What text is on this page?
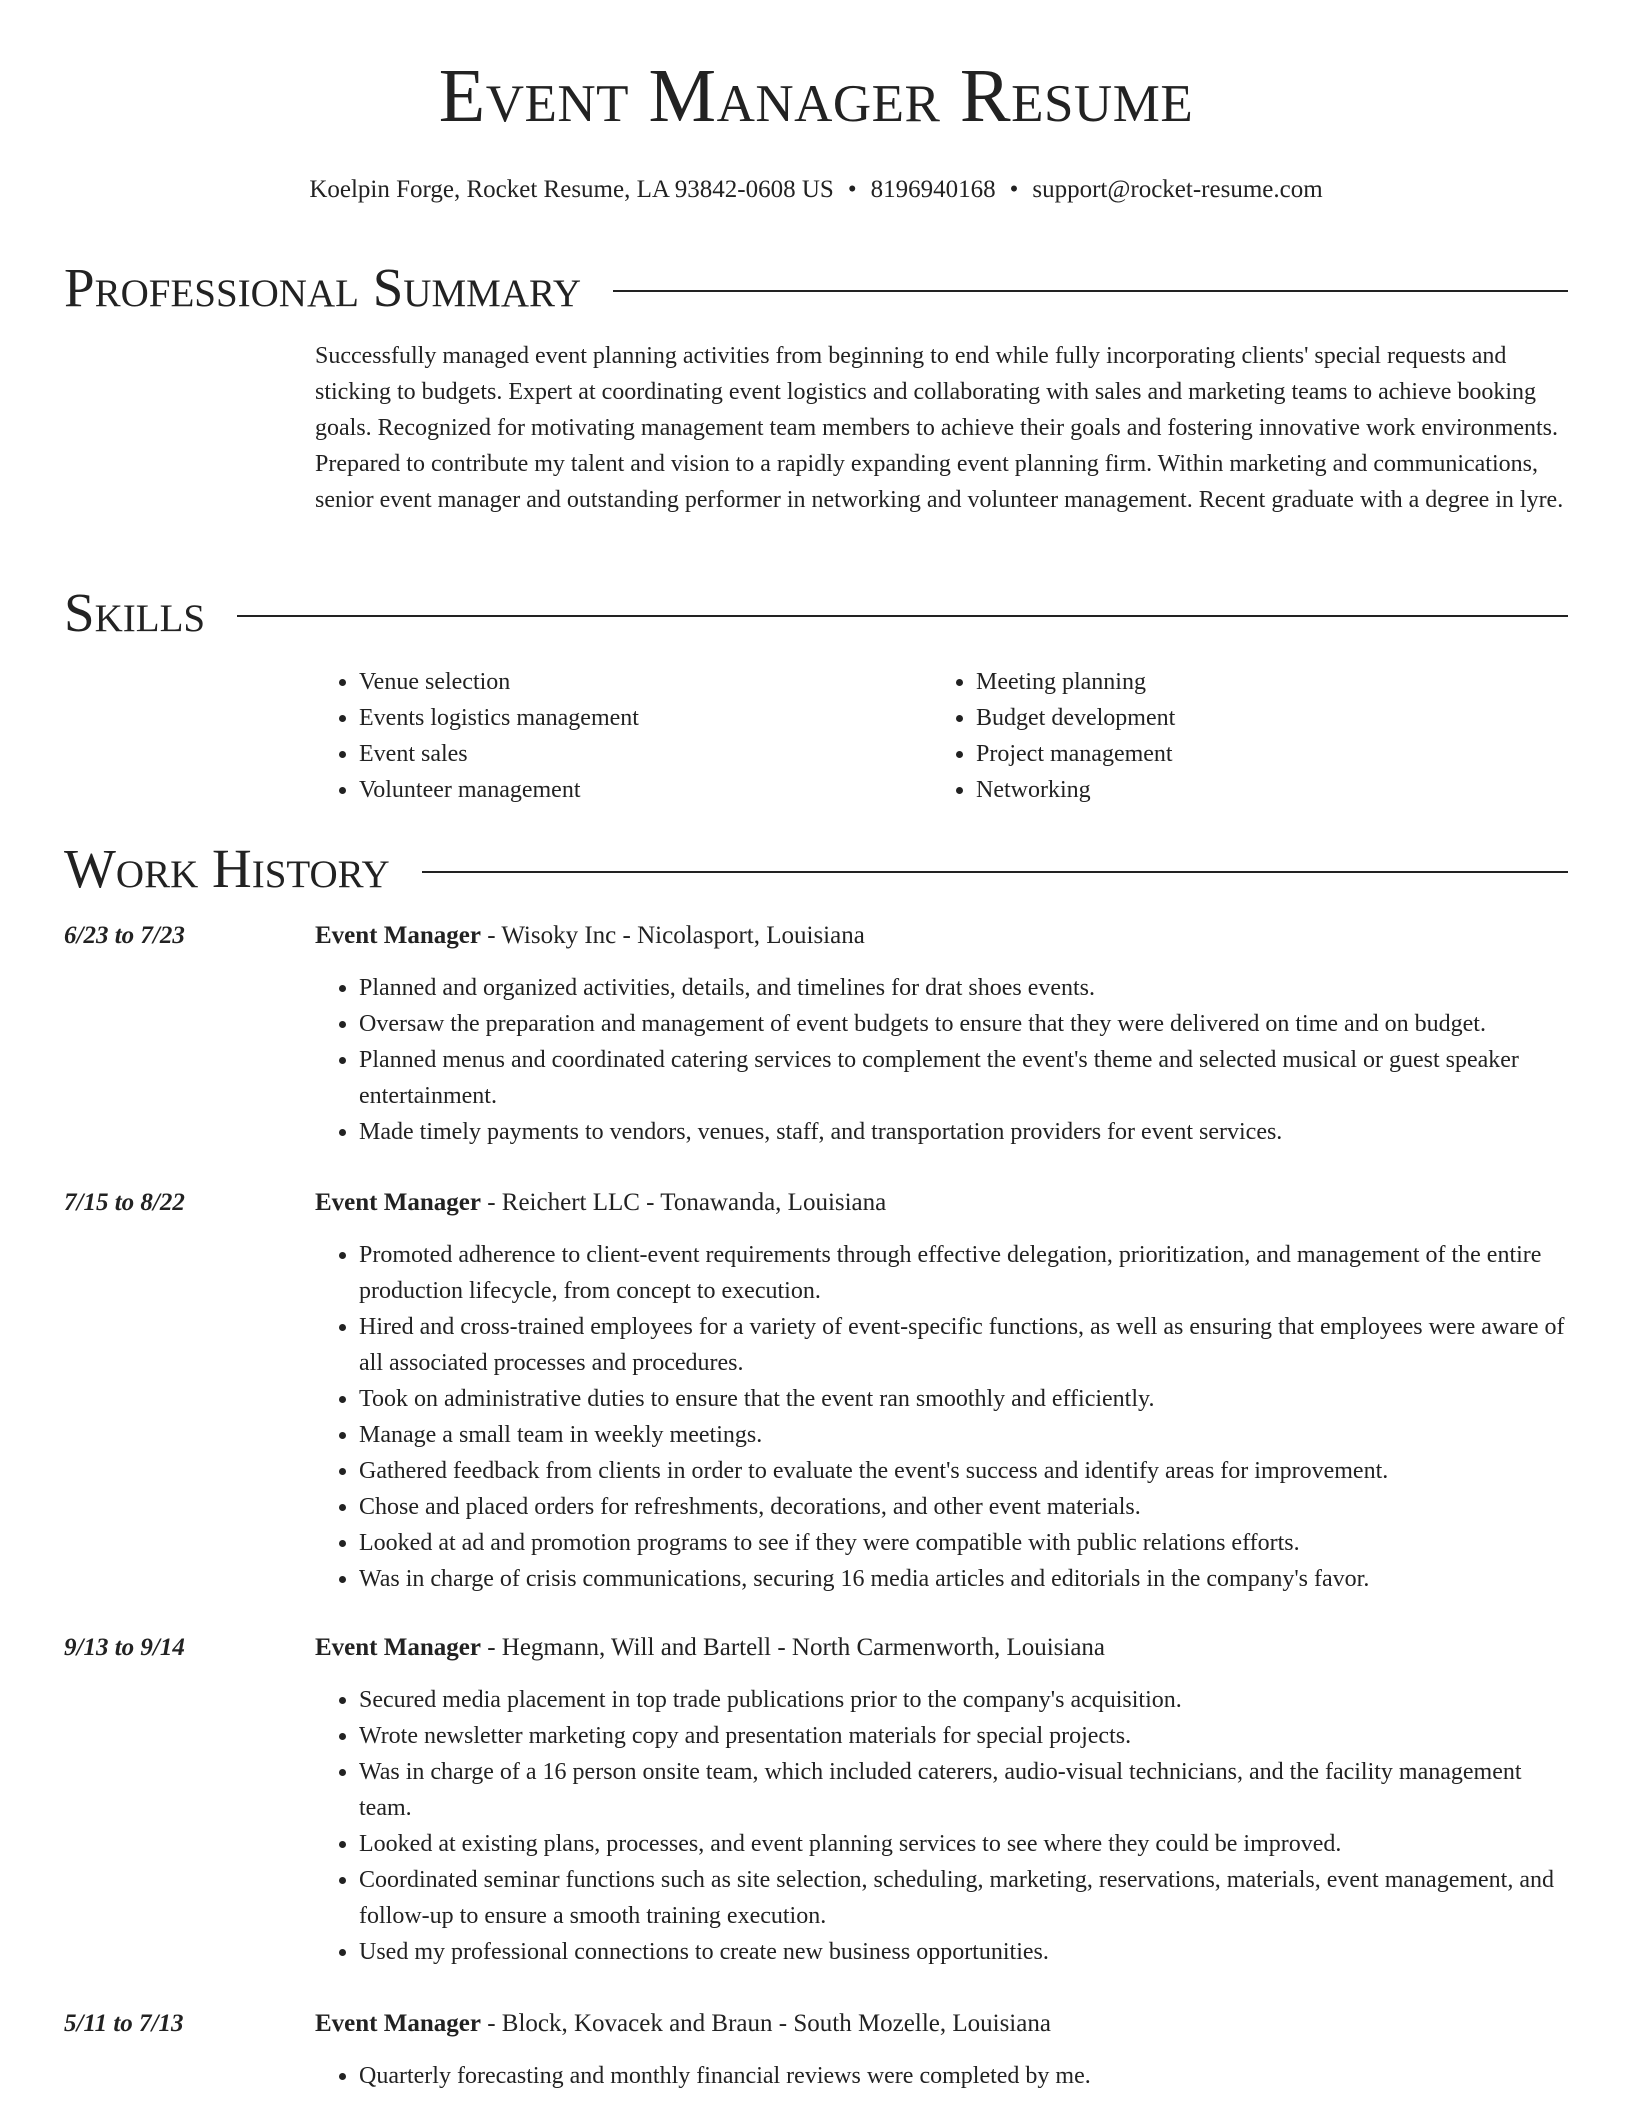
Event Manager Resume
Koelpin Forge, Rocket Resume, LA 93842-0608 US • 8196940168 • support@rocket-resume.com
Professional Summary
Successfully managed event planning activities from beginning to end while fully incorporating clients' special requests and sticking to budgets. Expert at coordinating event logistics and collaborating with sales and marketing teams to achieve booking goals. Recognized for motivating management team members to achieve their goals and fostering innovative work environments. Prepared to contribute my talent and vision to a rapidly expanding event planning firm. Within marketing and communications, senior event manager and outstanding performer in networking and volunteer management. Recent graduate with a degree in lyre.
Skills
• Venue selection
• Events logistics management
• Event sales
• Volunteer management
• Meeting planning
• Budget development
• Project management
• Networking
Work History
6/23 to 7/23	Event Manager - Wisoky Inc - Nicolasport, Louisiana
• Planned and organized activities, details, and timelines for drat shoes events.
• Oversaw the preparation and management of event budgets to ensure that they were delivered on time and on budget.
• Planned menus and coordinated catering services to complement the event's theme and selected musical or guest speaker entertainment.
• Made timely payments to vendors, venues, staff, and transportation providers for event services.
7/15 to 8/22	Event Manager - Reichert LLC - Tonawanda, Louisiana
• Promoted adherence to client-event requirements through effective delegation, prioritization, and management of the entire production lifecycle, from concept to execution.
• Hired and cross-trained employees for a variety of event-specific functions, as well as ensuring that employees were aware of all associated processes and procedures.
• Took on administrative duties to ensure that the event ran smoothly and efficiently.
• Manage a small team in weekly meetings.
• Gathered feedback from clients in order to evaluate the event's success and identify areas for improvement.
• Chose and placed orders for refreshments, decorations, and other event materials.
• Looked at ad and promotion programs to see if they were compatible with public relations efforts.
• Was in charge of crisis communications, securing 16 media articles and editorials in the company's favor.
9/13 to 9/14	Event Manager - Hegmann, Will and Bartell - North Carmenworth, Louisiana
• Secured media placement in top trade publications prior to the company's acquisition.
• Wrote newsletter marketing copy and presentation materials for special projects.
• Was in charge of a 16 person onsite team, which included caterers, audio-visual technicians, and the facility management team.
• Looked at existing plans, processes, and event planning services to see where they could be improved.
• Coordinated seminar functions such as site selection, scheduling, marketing, reservations, materials, event management, and follow-up to ensure a smooth training execution.
• Used my professional connections to create new business opportunities.
5/11 to 7/13	Event Manager - Block, Kovacek and Braun - South Mozelle, Louisiana
• Quarterly forecasting and monthly financial reviews were completed by me.
